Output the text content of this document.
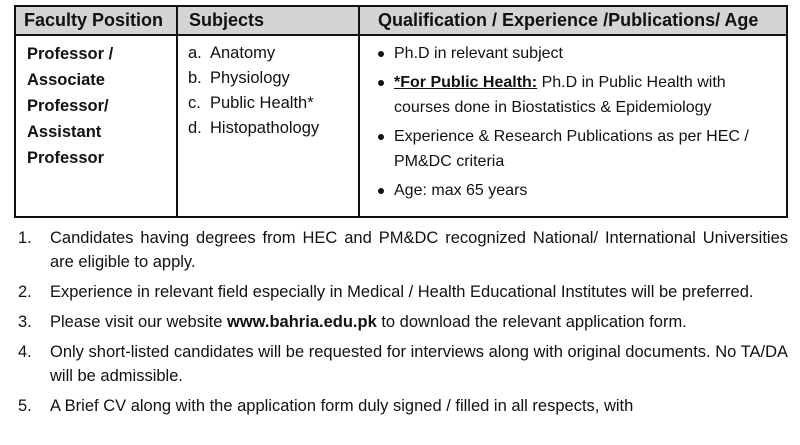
Faculty Position Subjects	Qualification / Experience /Publications/ Age
Professor /
Associate
Professor/
Assistant
Professor
a. Anatomy
b. Physiology
c. Public Health*
d. Histopathology
Ph.D in relevant subject
*For Public Health: Ph.D in Public Health with courses done in Biostatistics & Epidemiology
Experience & Research Publications as per HEC / PM&DC criteria
Age: max 65 years
1. Candidates having degrees from HEC and PM&DC recognized National/ International Universities are eligible to apply.
2. Experience in relevant field especially in Medical / Health Educational Institutes will be preferred.
3. Please visit our website www.bahria.edu.pk to download the relevant application form.
4. Only short-listed candidates will be requested for interviews along with original documents. No TA/DA will be admissible.
5. A Brief CV along with the application form duly signed / filled in all respects, with
